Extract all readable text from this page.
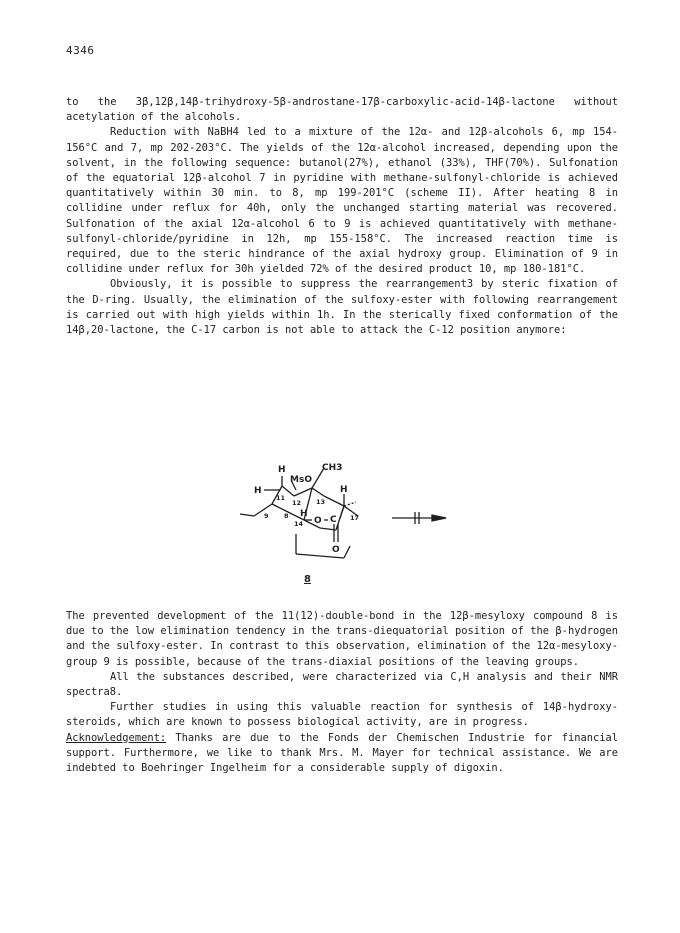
4346

to the 3β,12β,14β-trihydroxy-5β-androstane-17β-carboxylic-acid-14β-lactone without acetylation of the alcohols.

Reduction with NaBH4 led to a mixture of the 12α- and 12β-alcohols 6, mp 154-156°C and 7, mp 202-203°C. The yields of the 12α-alcohol increased, depending upon the solvent, in the following sequence: butanol(27%), ethanol (33%), THF(70%). Sulfonation of the equatorial 12β-alcohol 7 in pyridine with methane-sulfonyl-chloride is achieved quantitatively within 30 min. to 8, mp 199-201°C (scheme II). After heating 8 in collidine under reflux for 40h, only the unchanged starting material was recovered. Sulfonation of the axial 12α-alcohol 6 to 9 is achieved quantitatively with methane-sulfonyl-chloride/pyridine in 12h, mp 155-158°C. The increased reaction time is required, due to the steric hindrance of the axial hydroxy group. Elimination of 9 in collidine under reflux for 30h yielded 72% of the desired product 10, mp 180-181°C.

Obviously, it is possible to suppress the rearrangement3 by steric fixation of the D-ring. Usually, the elimination of the sulfoxy-ester with following rearrangement is carried out with high yields within 1h. In the sterically fixed conformation of the 14β,20-lactone, the C-17 carbon is not able to attack the C-12 position anymore:

H
H
MsO
CH3
H
11
12 13
8
9
14
H
O C
O
17
8

The prevented development of the 11(12)-double-bond in the 12β-mesyloxy compound 8 is due to the low elimination tendency in the trans-diequatorial position of the β-hydrogen and the sulfoxy-ester. In contrast to this observation, elimination of the 12α-mesyloxy-group 9 is possible, because of the trans-diaxial positions of the leaving groups.

All the substances described, were characterized via C,H analysis and their NMR spectra8.

Further studies in using this valuable reaction for synthesis of 14β-hydroxy-steroids, which are known to possess biological activity, are in progress.

Acknowledgement: Thanks are due to the Fonds der Chemischen Industrie for financial support. Furthermore, we like to thank Mrs. M. Mayer for technical assistance. We are indebted to Boehringer Ingelheim for a considerable supply of digoxin.
